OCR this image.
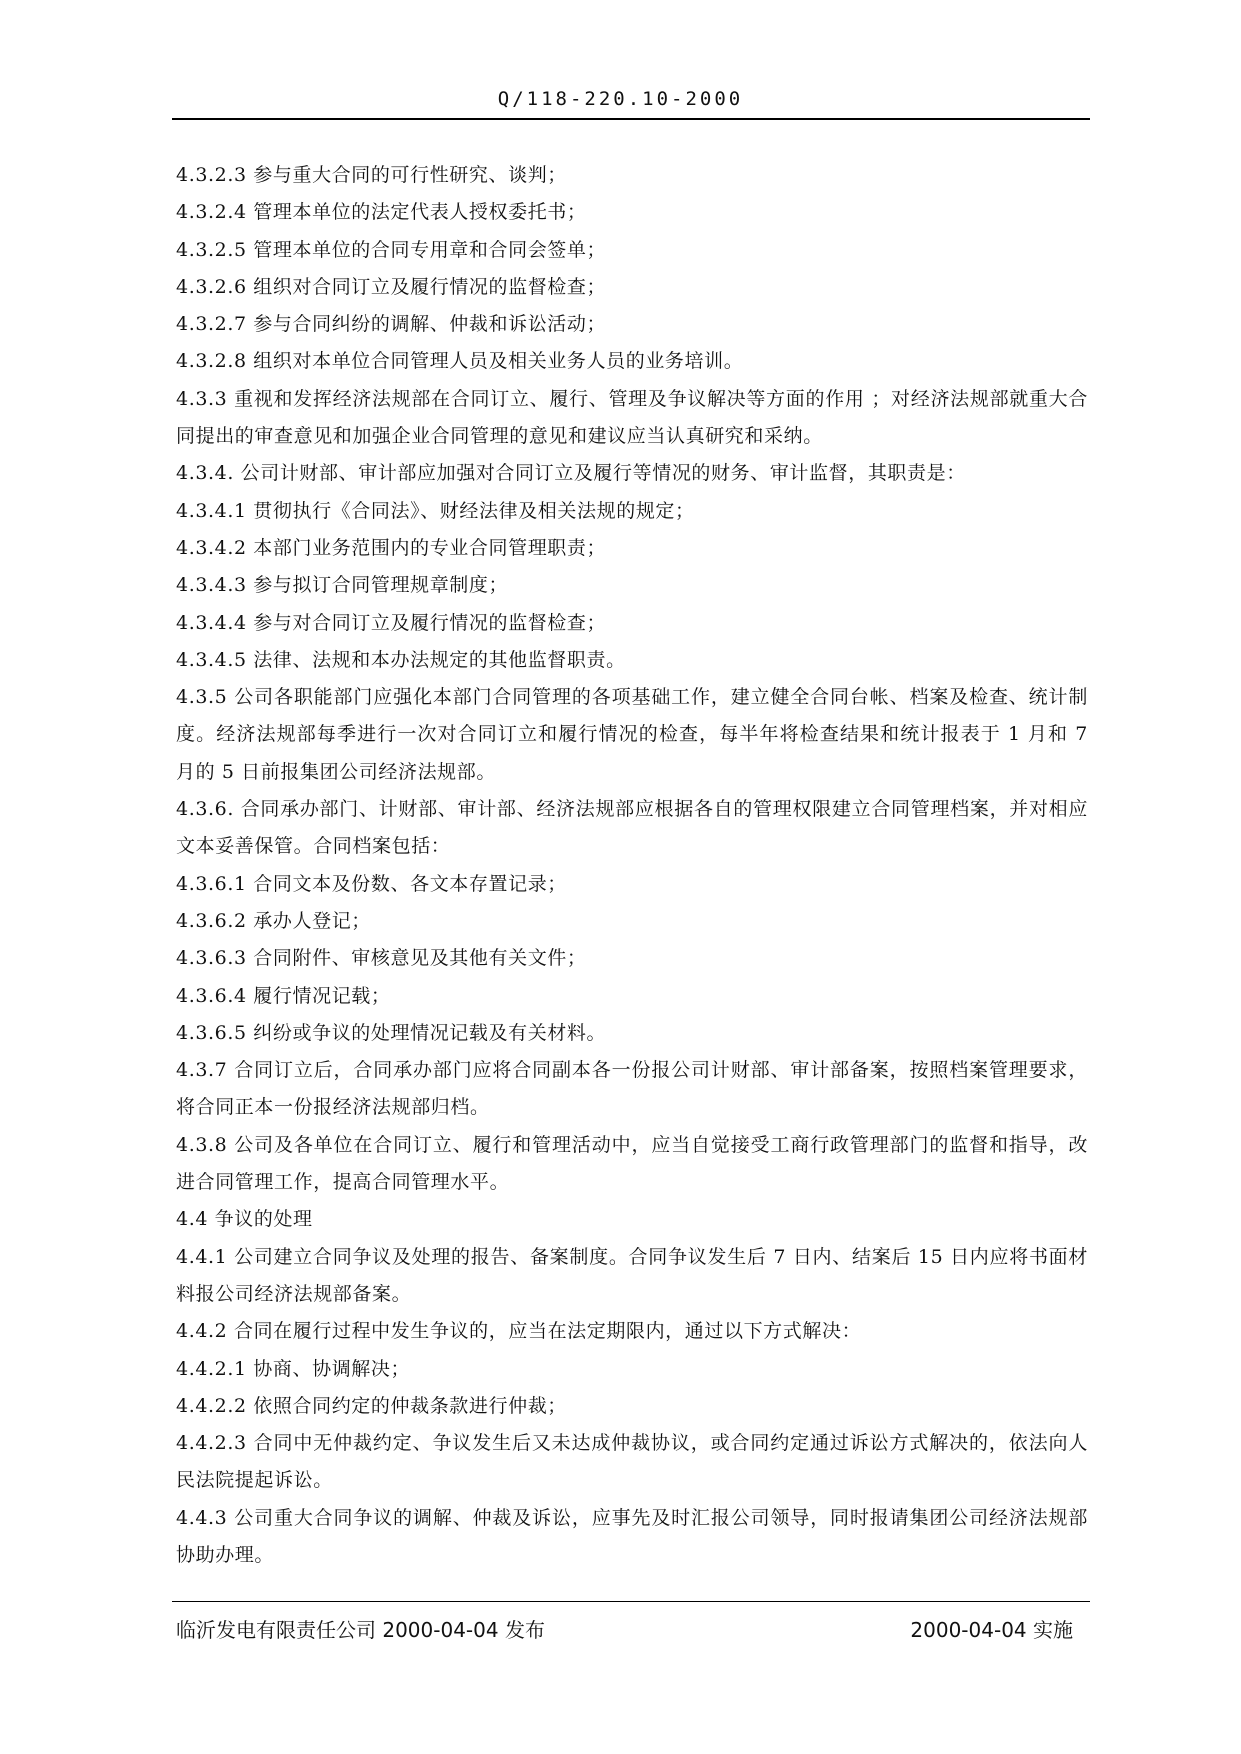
Q/118-220.10-2000

4.3.2.3 参与重大合同的可行性研究、谈判；

4.3.2.4 管理本单位的法定代表人授权委托书；

4.3.2.5 管理本单位的合同专用章和合同会签单；

4.3.2.6 组织对合同订立及履行情况的监督检查；

4.3.2.7 参与合同纠纷的调解、仲裁和诉讼活动；

4.3.2.8 组织对本单位合同管理人员及相关业务人员的业务培训。

4.3.3 重视和发挥经济法规部在合同订立、履行、管理及争议解决等方面的作用 ；对经济法规部就重大合同提出的审查意见和加强企业合同管理的意见和建议应当认真研究和采纳。

4.3.4. 公司计财部、审计部应加强对合同订立及履行等情况的财务、审计监督，其职责是：

4.3.4.1 贯彻执行《合同法》、财经法律及相关法规的规定；

4.3.4.2 本部门业务范围内的专业合同管理职责；

4.3.4.3 参与拟订合同管理规章制度；

4.3.4.4 参与对合同订立及履行情况的监督检查；

4.3.4.5 法律、法规和本办法规定的其他监督职责。

4.3.5 公司各职能部门应强化本部门合同管理的各项基础工作，建立健全合同台帐、档案及检查、统计制度。经济法规部每季进行一次对合同订立和履行情况的检查，每半年将检查结果和统计报表于 1 月和 7 月的 5 日前报集团公司经济法规部。

4.3.6. 合同承办部门、计财部、审计部、经济法规部应根据各自的管理权限建立合同管理档案，并对相应文本妥善保管。合同档案包括：

4.3.6.1 合同文本及份数、各文本存置记录；

4.3.6.2 承办人登记；

4.3.6.3 合同附件、审核意见及其他有关文件；

4.3.6.4 履行情况记载；

4.3.6.5 纠纷或争议的处理情况记载及有关材料。

4.3.7 合同订立后，合同承办部门应将合同副本各一份报公司计财部、审计部备案，按照档案管理要求，将合同正本一份报经济法规部归档。

4.3.8 公司及各单位在合同订立、履行和管理活动中，应当自觉接受工商行政管理部门的监督和指导，改进合同管理工作，提高合同管理水平。

4.4 争议的处理

4.4.1 公司建立合同争议及处理的报告、备案制度。合同争议发生后 7 日内、结案后 15 日内应将书面材料报公司经济法规部备案。

4.4.2 合同在履行过程中发生争议的，应当在法定期限内，通过以下方式解决：

4.4.2.1 协商、协调解决；

4.4.2.2 依照合同约定的仲裁条款进行仲裁；

4.4.2.3 合同中无仲裁约定、争议发生后又未达成仲裁协议，或合同约定通过诉讼方式解决的，依法向人民法院提起诉讼。

4.4.3 公司重大合同争议的调解、仲裁及诉讼，应事先及时汇报公司领导，同时报请集团公司经济法规部协助办理。

临沂发电有限责任公司 2000-04-04 发布	2000-04-04 实施
